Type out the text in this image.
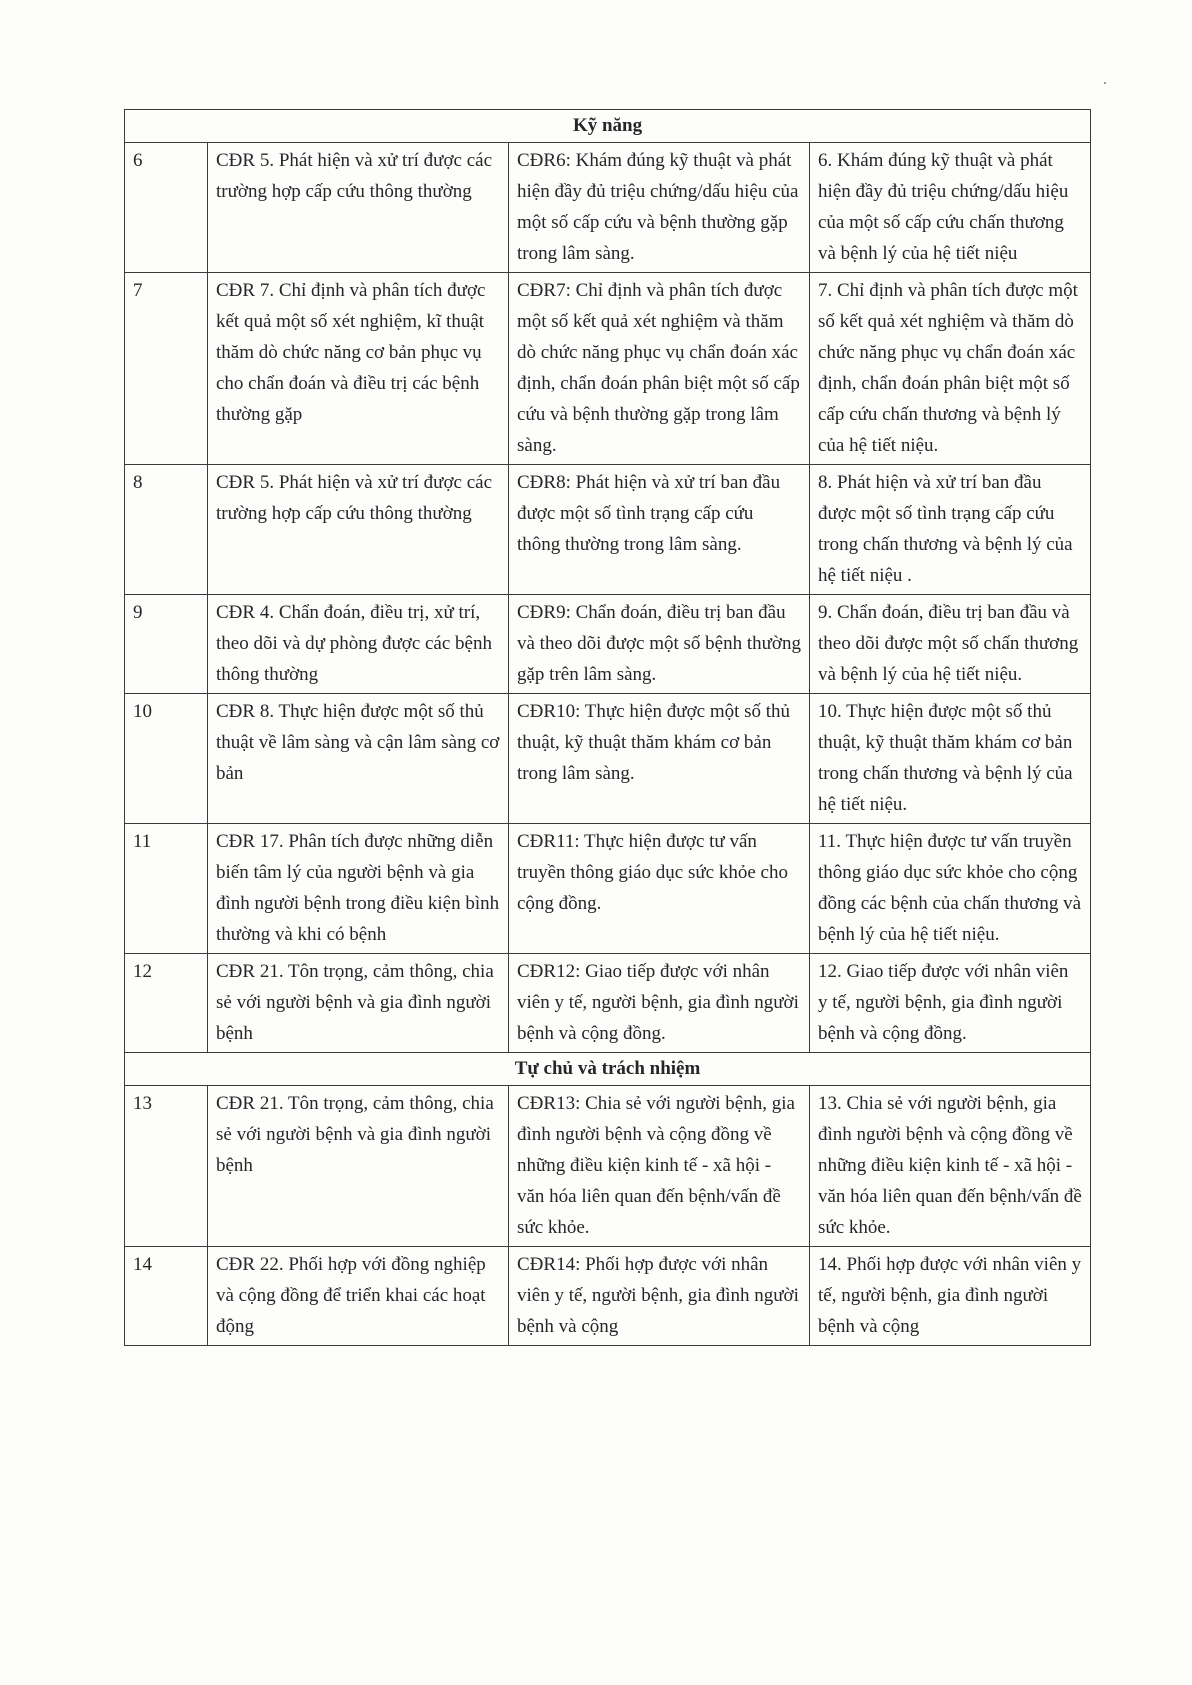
Kỹ năng			
6	CĐR 5. Phát hiện và xử trí được các trường hợp cấp cứu thông thường	CĐR6: Khám đúng kỹ thuật và phát hiện đầy đủ triệu chứng/dấu hiệu của một số cấp cứu và bệnh thường gặp trong lâm sàng.	6. Khám đúng kỹ thuật và phát hiện đầy đủ triệu chứng/dấu hiệu của một số cấp cứu chấn thương và bệnh lý của hệ tiết niệu
7	CĐR 7. Chỉ định và phân tích được kết quả một số xét nghiệm, kĩ thuật thăm dò chức năng cơ bản phục vụ cho chẩn đoán và điều trị các bệnh thường gặp	CĐR7: Chỉ định và phân tích được một số kết quả xét nghiệm và thăm dò chức năng phục vụ chẩn đoán xác định, chẩn đoán phân biệt một số cấp cứu và bệnh thường gặp trong lâm sàng.	7. Chỉ định và phân tích được một số kết quả xét nghiệm và thăm dò chức năng phục vụ chẩn đoán xác định, chẩn đoán phân biệt một số cấp cứu chấn thương và bệnh lý của hệ tiết niệu.
8	CĐR 5. Phát hiện và xử trí được các trường hợp cấp cứu thông thường	CĐR8: Phát hiện và xử trí ban đầu được một số tình trạng cấp cứu thông thường trong lâm sàng.	8. Phát hiện và xử trí ban đầu được một số tình trạng cấp cứu trong chấn thương và bệnh lý của hệ tiết niệu .
9	CĐR 4. Chẩn đoán, điều trị, xử trí, theo dõi và dự phòng được các bệnh thông thường	CĐR9: Chẩn đoán, điều trị ban đầu và theo dõi được một số bệnh thường gặp trên lâm sàng.	9. Chẩn đoán, điều trị ban đầu và theo dõi được một số chấn thương và bệnh lý của hệ tiết niệu.
10	CĐR 8. Thực hiện được một số thủ thuật về lâm sàng và cận lâm sàng cơ bản	CĐR10: Thực hiện được một số thủ thuật, kỹ thuật thăm khám cơ bản trong lâm sàng.	10. Thực hiện được một số thủ thuật, kỹ thuật thăm khám cơ bản trong chấn thương và bệnh lý của hệ tiết niệu.
11	CĐR 17. Phân tích được những diễn biến tâm lý của người bệnh và gia đình người bệnh trong điều kiện bình thường và khi có bệnh	CĐR11: Thực hiện được tư vấn truyền thông giáo dục sức khỏe cho cộng đồng.	11. Thực hiện được tư vấn truyền thông giáo dục sức khỏe cho cộng đồng các bệnh của chấn thương và bệnh lý của hệ tiết niệu.
12	CĐR 21. Tôn trọng, cảm thông, chia sẻ với người bệnh và gia đình người bệnh	CĐR12: Giao tiếp được với nhân viên y tế, người bệnh, gia đình người bệnh và cộng đồng.	12. Giao tiếp được với nhân viên y tế, người bệnh, gia đình người bệnh và cộng đồng.
Tự chủ và trách nhiệm			
13	CĐR 21. Tôn trọng, cảm thông, chia sẻ với người bệnh và gia đình người bệnh	CĐR13: Chia sẻ với người bệnh, gia đình người bệnh và cộng đồng về những điều kiện kinh tế - xã hội - văn hóa liên quan đến bệnh/vấn đề sức khỏe.	13. Chia sẻ với người bệnh, gia đình người bệnh và cộng đồng về những điều kiện kinh tế - xã hội - văn hóa liên quan đến bệnh/vấn đề sức khỏe.
14	CĐR 22. Phối hợp với đồng nghiệp và cộng đồng để triển khai các hoạt động	CĐR14: Phối hợp được với nhân viên y tế, người bệnh, gia đình người bệnh và cộng	14. Phối hợp được với nhân viên y tế, người bệnh, gia đình người bệnh và cộng
